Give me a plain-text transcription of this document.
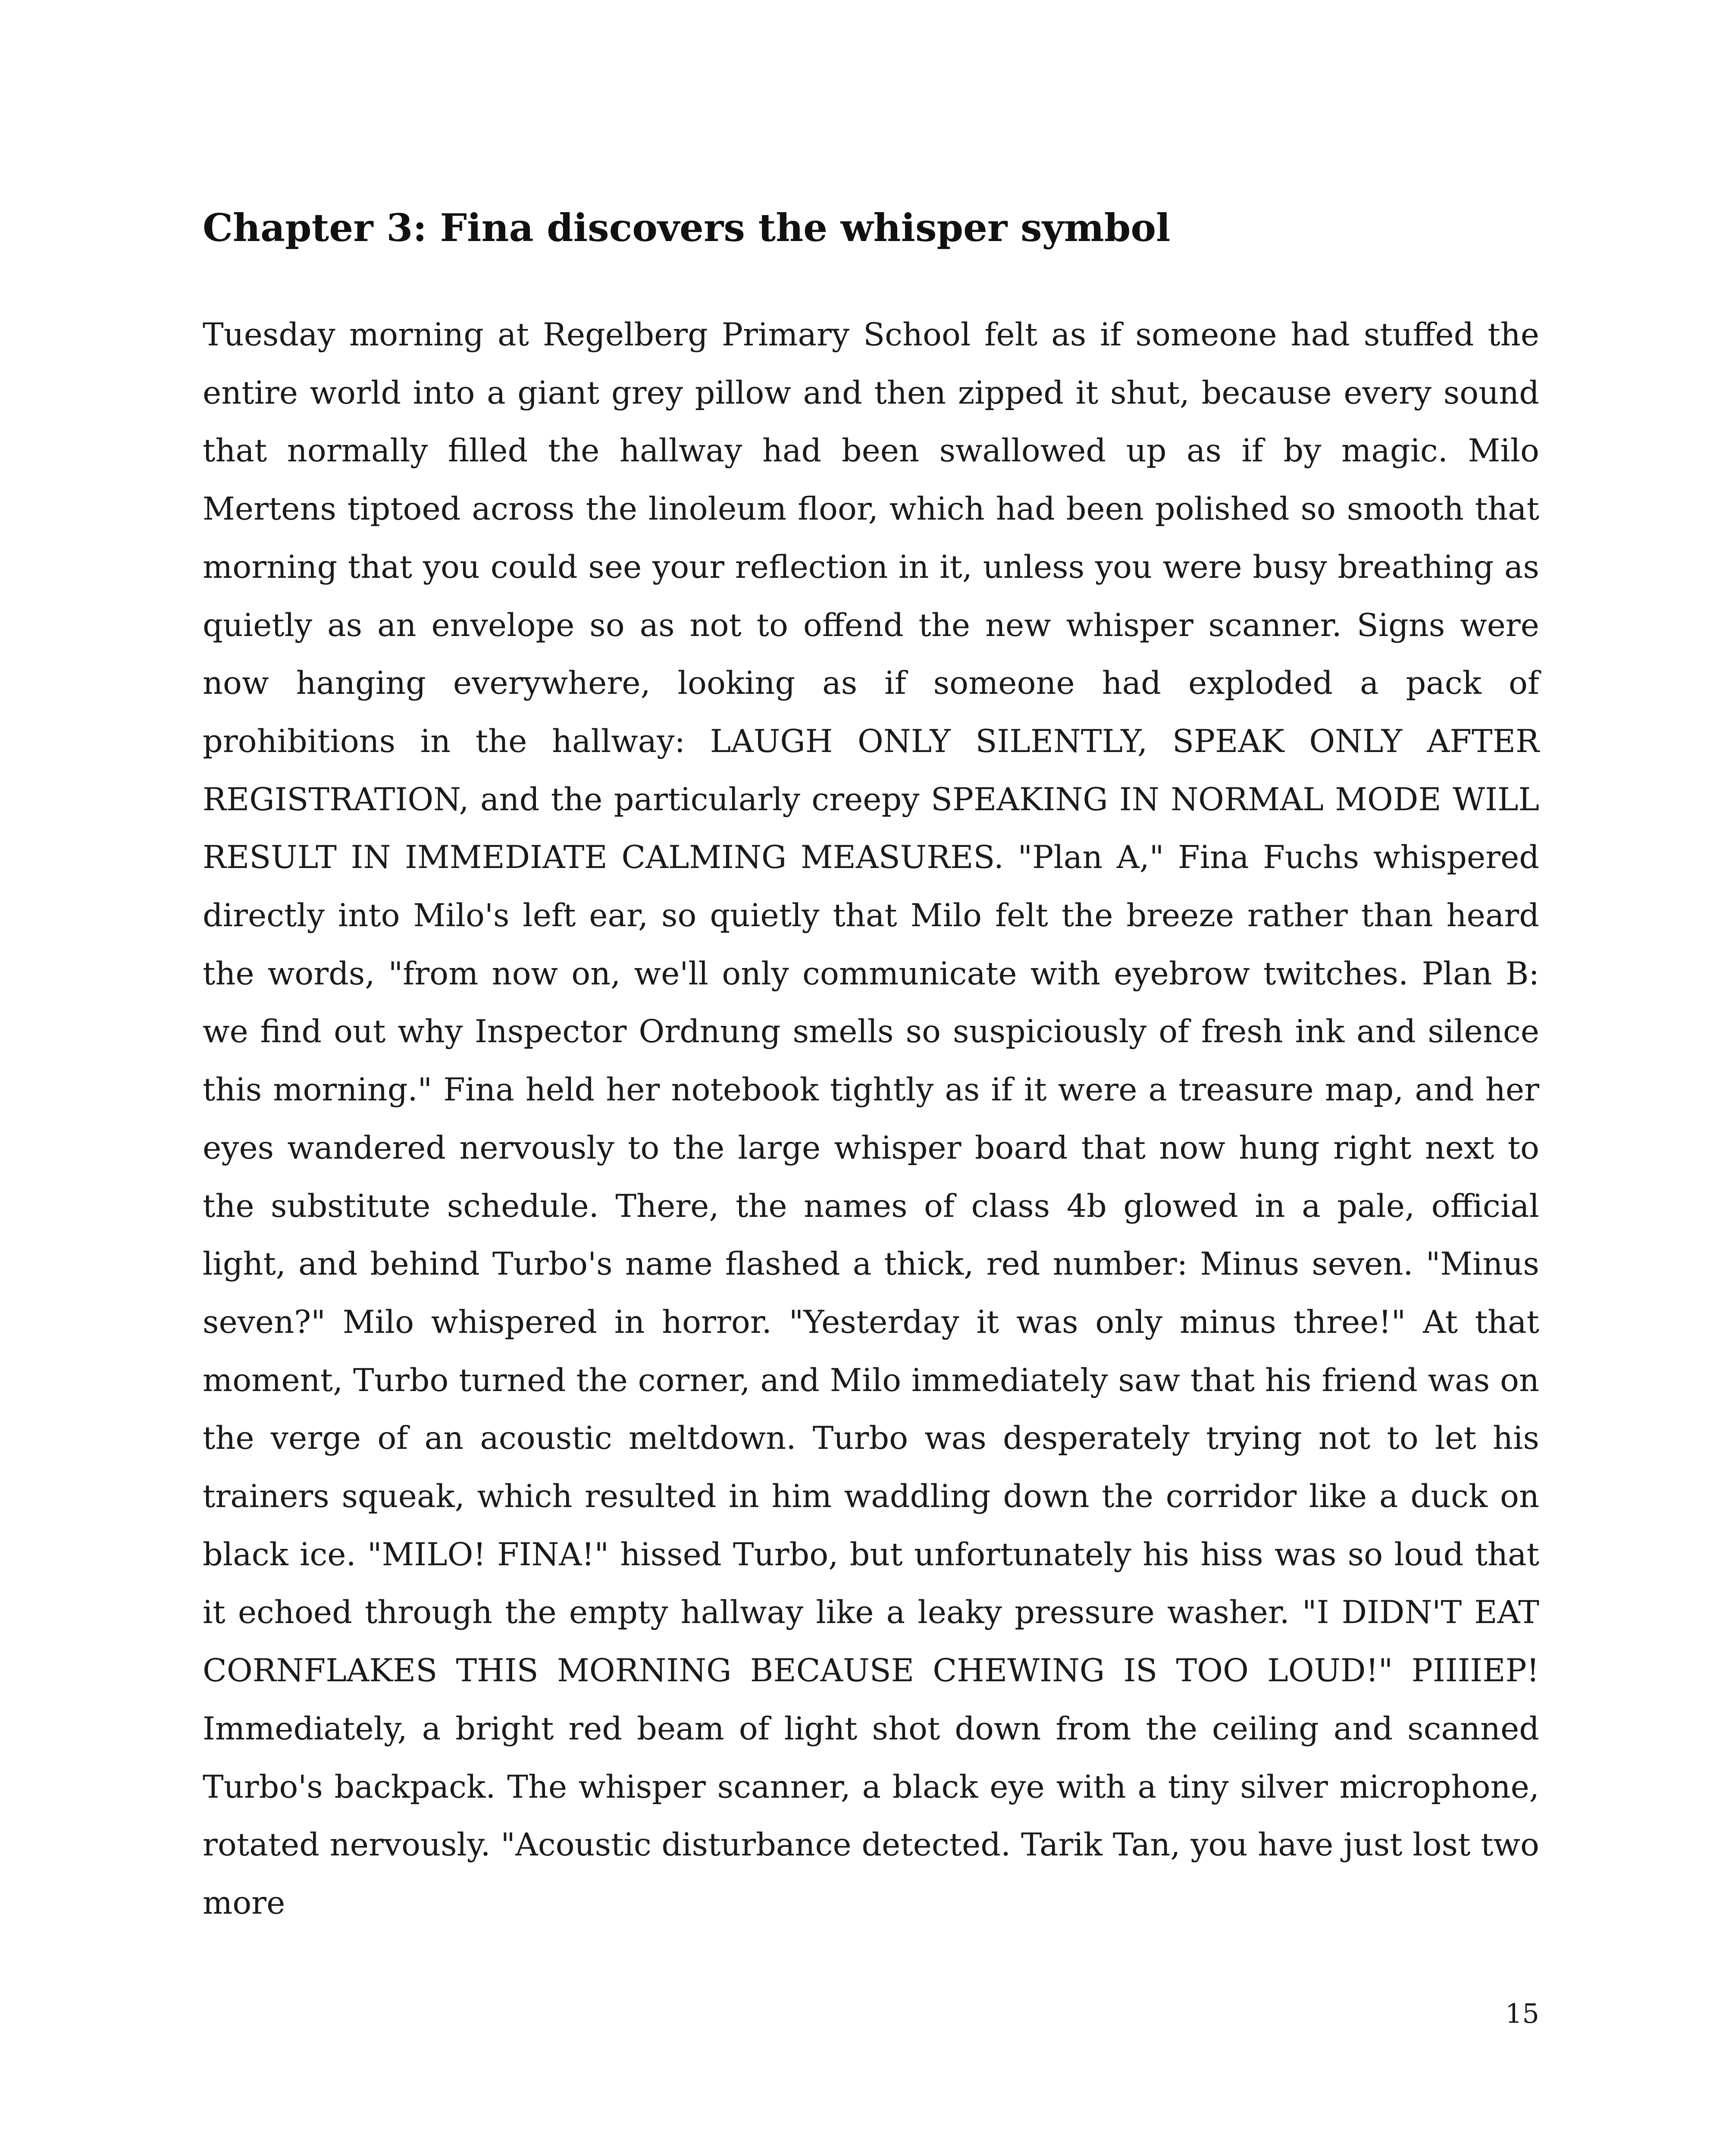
Chapter 3: Fina discovers the whisper symbol

Tuesday morning at Regelberg Primary School felt as if someone had stuffed the entire world into a giant grey pillow and then zipped it shut, because every sound that normally filled the hallway had been swallowed up as if by magic. Milo Mertens tiptoed across the linoleum floor, which had been polished so smooth that morning that you could see your reflection in it, unless you were busy breathing as quietly as an envelope so as not to offend the new whisper scanner. Signs were now hanging everywhere, looking as if someone had exploded a pack of prohibitions in the hallway: LAUGH ONLY SILENTLY, SPEAK ONLY AFTER REGISTRATION, and the particularly creepy SPEAKING IN NORMAL MODE WILL RESULT IN IMMEDIATE CALMING MEASURES. "Plan A," Fina Fuchs whispered directly into Milo's left ear, so quietly that Milo felt the breeze rather than heard the words, "from now on, we'll only communicate with eyebrow twitches. Plan B: we find out why Inspector Ordnung smells so suspiciously of fresh ink and silence this morning." Fina held her notebook tightly as if it were a treasure map, and her eyes wandered nervously to the large whisper board that now hung right next to the substitute schedule. There, the names of class 4b glowed in a pale, official light, and behind Turbo's name flashed a thick, red number: Minus seven. "Minus seven?" Milo whispered in horror. "Yesterday it was only minus three!" At that moment, Turbo turned the corner, and Milo immediately saw that his friend was on the verge of an acoustic meltdown. Turbo was desperately trying not to let his trainers squeak, which resulted in him waddling down the corridor like a duck on black ice. "MILO! FINA!" hissed Turbo, but unfortunately his hiss was so loud that it echoed through the empty hallway like a leaky pressure washer. "I DIDN'T EAT CORNFLAKES THIS MORNING BECAUSE CHEWING IS TOO LOUD!" PIIIIEP! Immediately, a bright red beam of light shot down from the ceiling and scanned Turbo's backpack. The whisper scanner, a black eye with a tiny silver microphone, rotated nervously. "Acoustic disturbance detected. Tarik Tan, you have just lost two more

15
